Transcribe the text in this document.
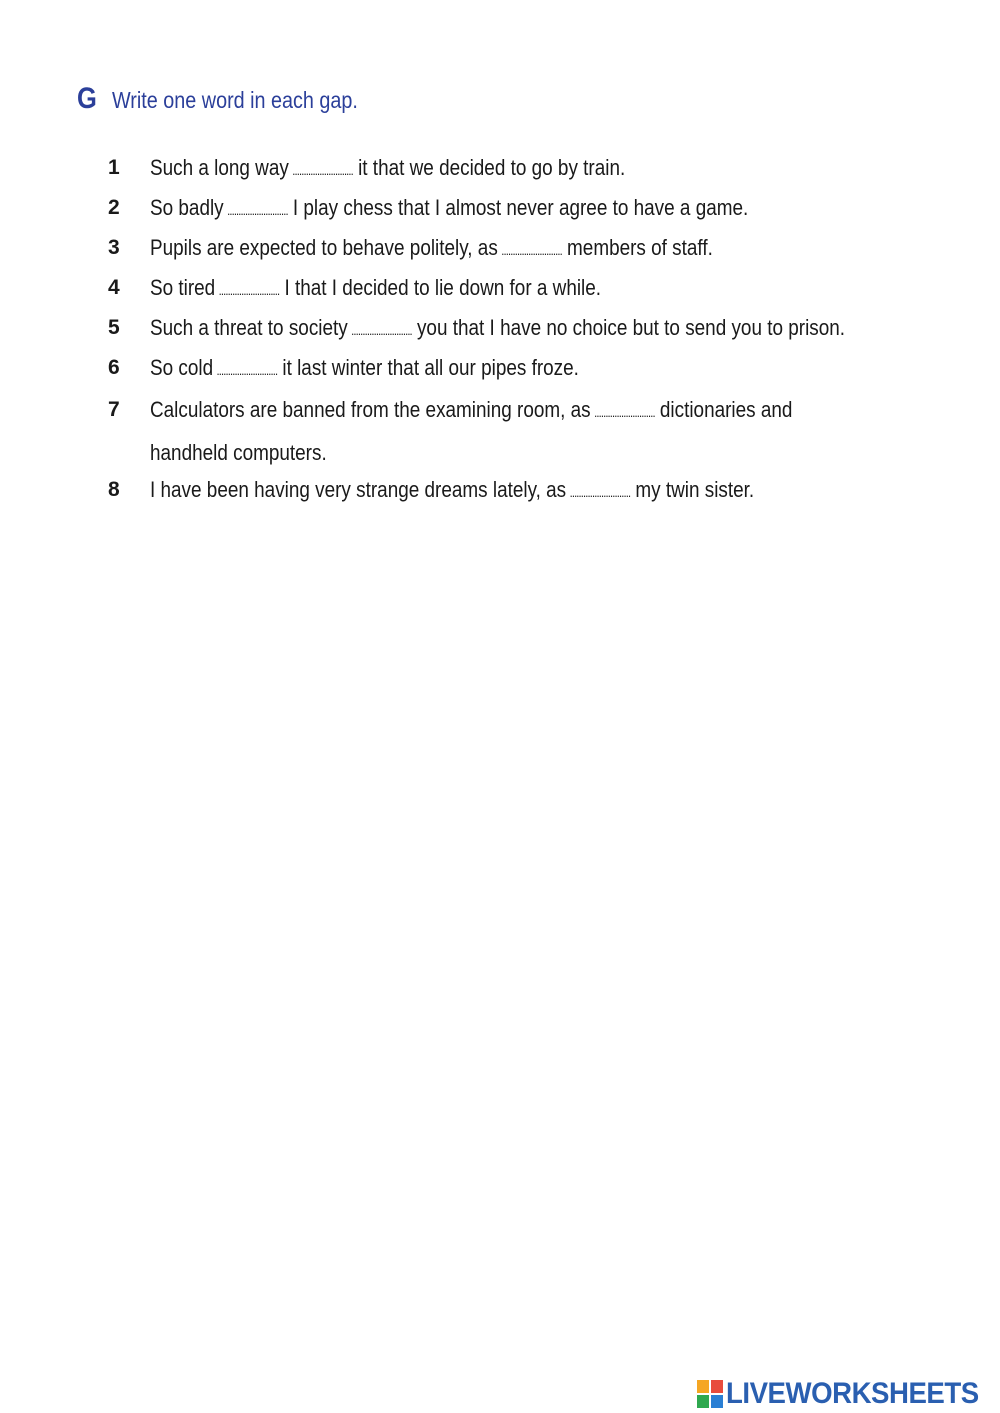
G Write one word in each gap.
1	Such a long way ........................... it that we decided to go by train.
2	So badly ........................... I play chess that I almost never agree to have a game.
3	Pupils are expected to behave politely, as ........................... members of staff.
4	So tired ........................... I that I decided to lie down for a while.
5	Such a threat to society ........................... you that I have no choice but to send you to prison.
6	So cold ........................... it last winter that all our pipes froze.
7	Calculators are banned from the examining room, as ........................... dictionaries and
handheld computers.
8	I have been having very strange dreams lately, as ........................... my twin sister.
LIVEWORKSHEETS
